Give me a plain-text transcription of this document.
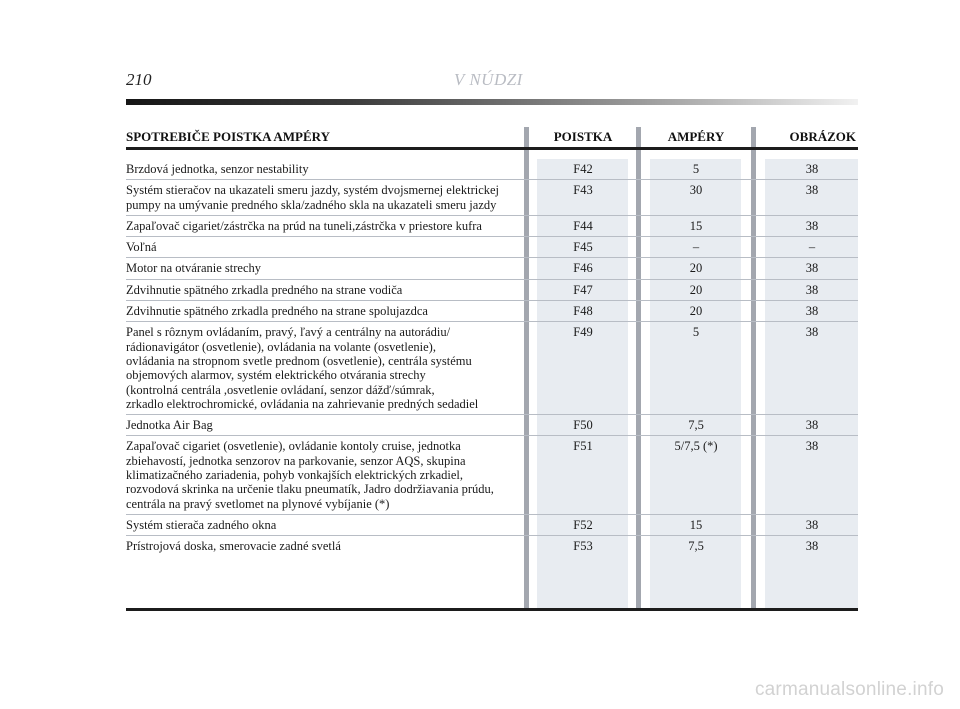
210	V NÚDZI
SPOTREBIČE POISTKA AMPÉRY	POISTKA	AMPÉRY	OBRÁZOK
Brzdová jednotka, senzor nestability	F42	5	38
Systém stieračov na ukazateli smeru jazdy, systém dvojsmernej elektrickej
pumpy na umývanie predného skla/zadného skla na ukazateli smeru jazdy
F43	30	38
Zapaľovač cigariet/zástrčka na prúd na tuneli,zástrčka v priestore kufra	F44	15	38
Voľná	F45	–	–
Motor na otváranie strechy	F46	20	38
Zdvihnutie spätného zrkadla predného na strane vodiča	F47	20	38
Zdvihnutie spätného zrkadla predného na strane spolujazdca	F48	20	38
Panel s rôznym ovládaním, pravý, ľavý a centrálny na autorádiu/
rádionavigátor (osvetlenie), ovládania na volante (osvetlenie),
ovládania na stropnom svetle prednom (osvetlenie), centrála systému
objemových alarmov, systém elektrického otvárania strechy
(kontrolná centrála ,osvetlenie ovládaní, senzor dážď/súmrak,
zrkadlo elektrochromické, ovládania na zahrievanie predných sedadiel
F49	5	38
Jednotka Air Bag	F50	7,5	38
Zapaľovač cigariet (osvetlenie), ovládanie kontoly cruise, jednotka
zbiehavostí, jednotka senzorov na parkovanie, senzor AQS, skupina
klimatizačného zariadenia, pohyb vonkajších elektrických zrkadiel,
rozvodová skrinka na určenie tlaku pneumatík, Jadro dodržiavania prúdu,
centrála na pravý svetlomet na plynové vybíjanie (*)
F51	5/7,5 (*)	38
Systém stierača zadného okna	F52	15	38
Prístrojová doska, smerovacie zadné svetlá	F53	7,5	38
carmanualsonline.info
